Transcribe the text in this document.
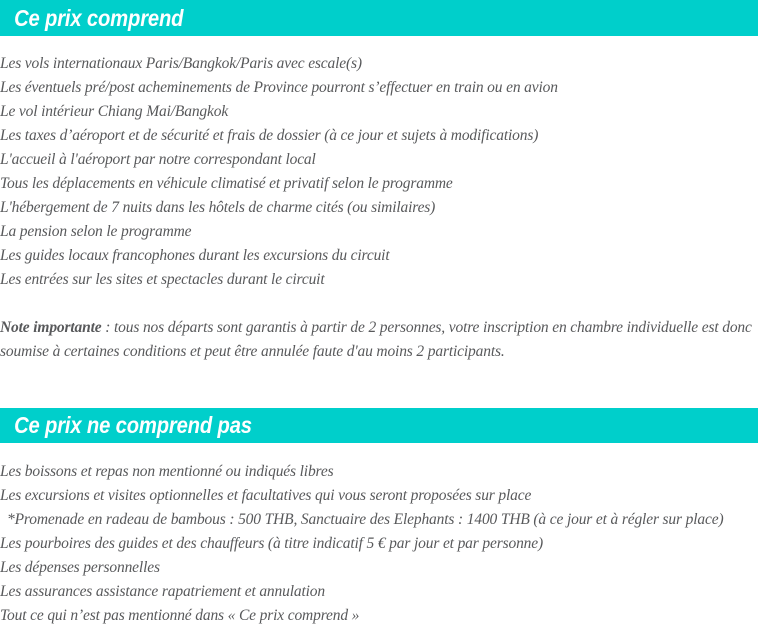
Ce prix comprend
Les vols internationaux Paris/Bangkok/Paris avec escale(s)
Les éventuels pré/post acheminements de Province pourront s’effectuer en train ou en avion
Le vol intérieur Chiang Mai/Bangkok
Les taxes d’aéroport et de sécurité et frais de dossier (à ce jour et sujets à modifications)
L'accueil à l'aéroport par notre correspondant local
Tous les déplacements en véhicule climatisé et privatif selon le programme
L'hébergement de 7 nuits dans les hôtels de charme cités (ou similaires)
La pension selon le programme
Les guides locaux francophones durant les excursions du circuit
Les entrées sur les sites et spectacles durant le circuit

Note importante : tous nos départs sont garantis à partir de 2 personnes, votre inscription en chambre individuelle est donc soumise à certaines conditions et peut être annulée faute d'au moins 2 participants.

Ce prix ne comprend pas
Les boissons et repas non mentionné ou indiqués libres
Les excursions et visites optionnelles et facultatives qui vous seront proposées sur place
*Promenade en radeau de bambous : 500 THB, Sanctuaire des Elephants : 1400 THB (à ce jour et à régler sur place)
Les pourboires des guides et des chauffeurs (à titre indicatif 5 € par jour et par personne)
Les dépenses personnelles
Les assurances assistance rapatriement et annulation
Tout ce qui n’est pas mentionné dans « Ce prix comprend »
